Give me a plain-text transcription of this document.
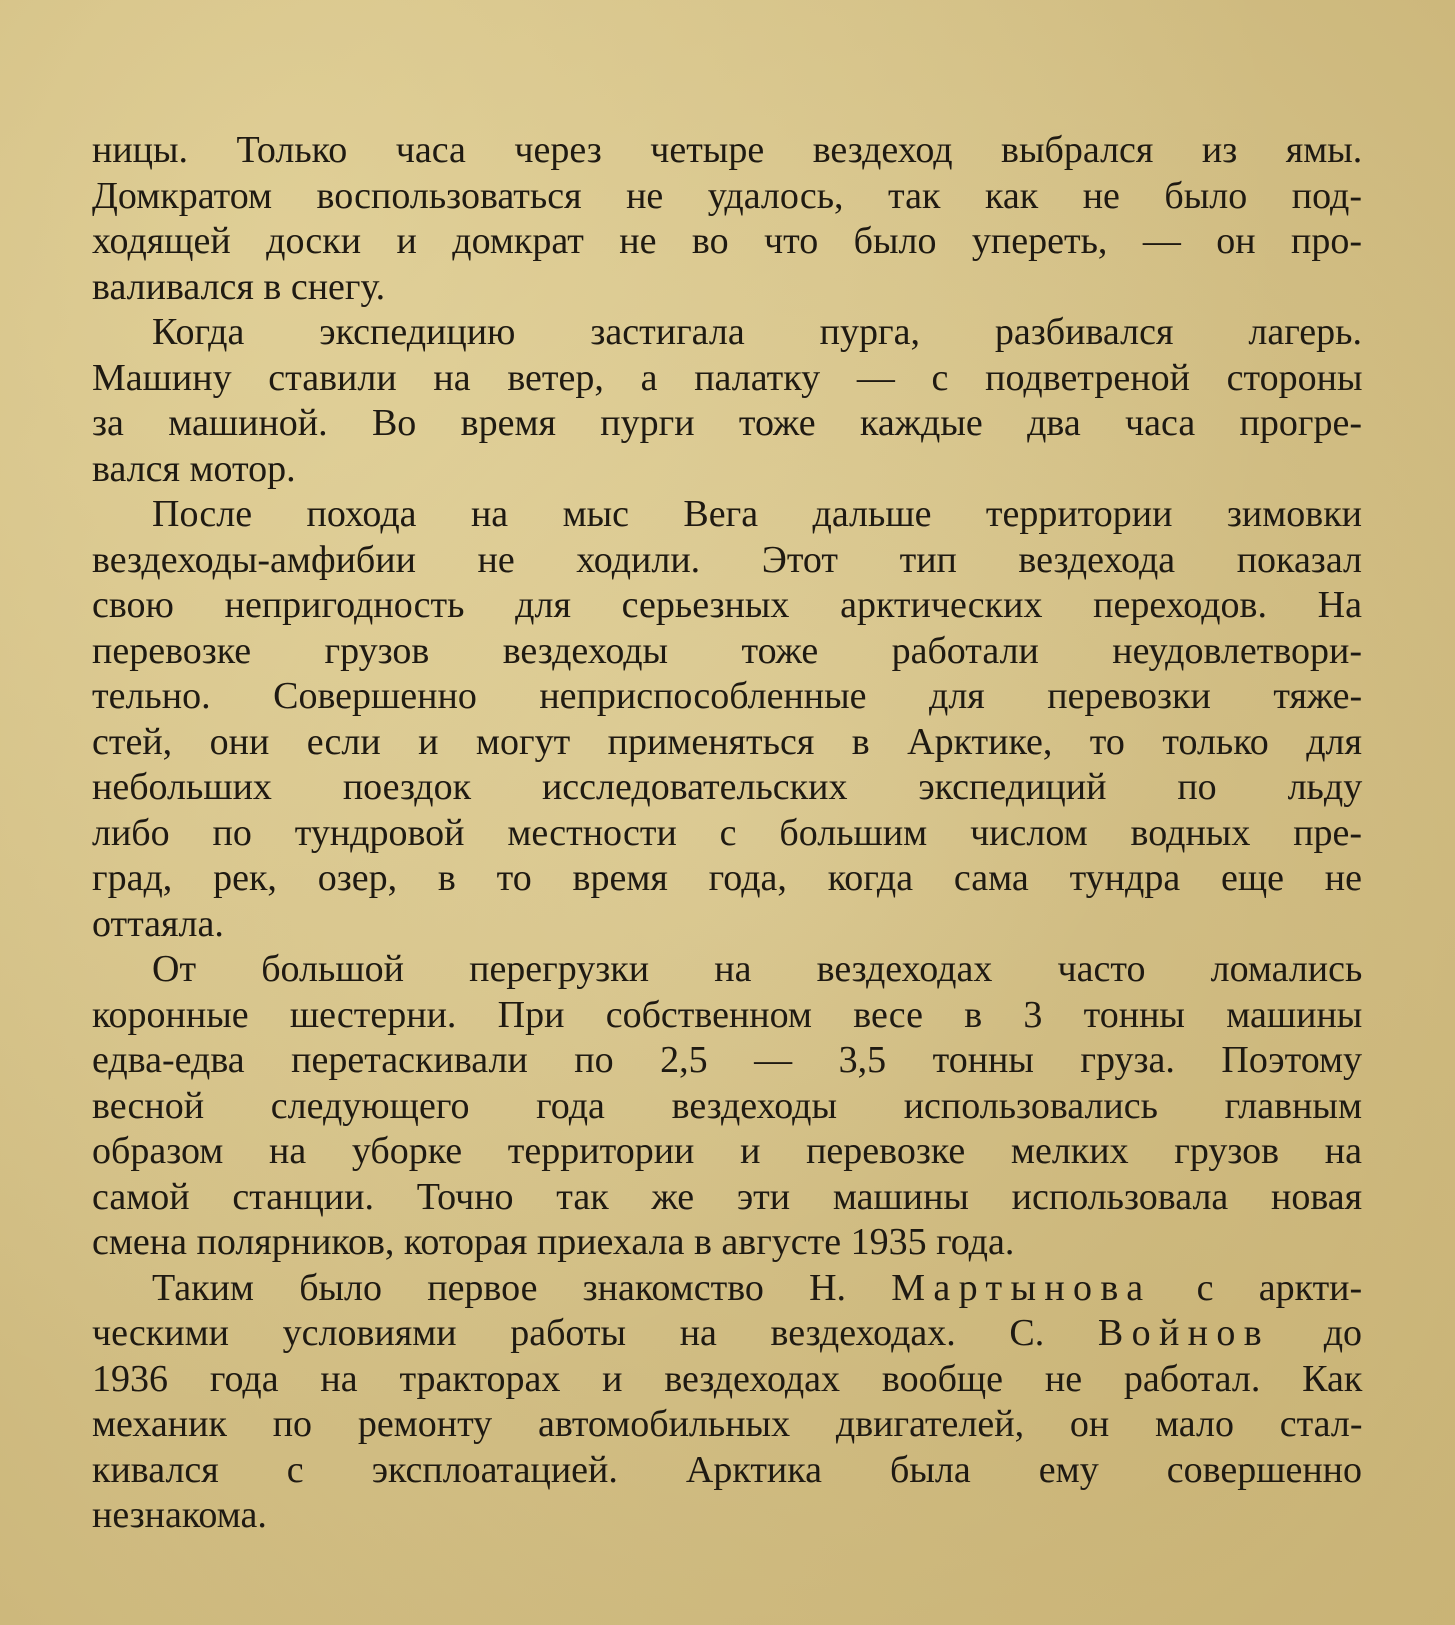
ницы. Только часа через четыре вездеход выбрался из ямы.
Домкратом воспользоваться не удалось, так как не было под-
ходящей доски и домкрат не во что было упереть, — он про-
валивался в снегу.

Когда экспедицию застигала пурга, разбивался лагерь.
Машину ставили на ветер, а палатку — с подветреной стороны
за машиной. Во время пурги тоже каждые два часа прогре-
вался мотор.

После похода на мыс Вега дальше территории зимовки
вездеходы-амфибии не ходили. Этот тип вездехода показал
свою непригодность для серьезных арктических переходов. На
перевозке грузов вездеходы тоже работали неудовлетвори-
тельно. Совершенно неприспособленные для перевозки тяже-
стей, они если и могут применяться в Арктике, то только для
небольших поездок исследовательских экспедиций по льду
либо по тундровой местности с большим числом водных пре-
град, рек, озер, в то время года, когда сама тундра еще не
оттаяла.

От большой перегрузки на вездеходах часто ломались
коронные шестерни. При собственном весе в 3 тонны машины
едва-едва перетаскивали по 2,5 — 3,5 тонны груза. Поэтому
весной следующего года вездеходы использовались главным
образом на уборке территории и перевозке мелких грузов на
самой станции. Точно так же эти машины использовала новая
смена полярников, которая приехала в августе 1935 года.

Таким было первое знакомство Н. Мартынова с аркти-
ческими условиями работы на вездеходах. С. Войнов до
1936 года на тракторах и вездеходах вообще не работал. Как
механик по ремонту автомобильных двигателей, он мало стал-
кивался с эксплоатацией. Арктика была ему совершенно
незнакома.
